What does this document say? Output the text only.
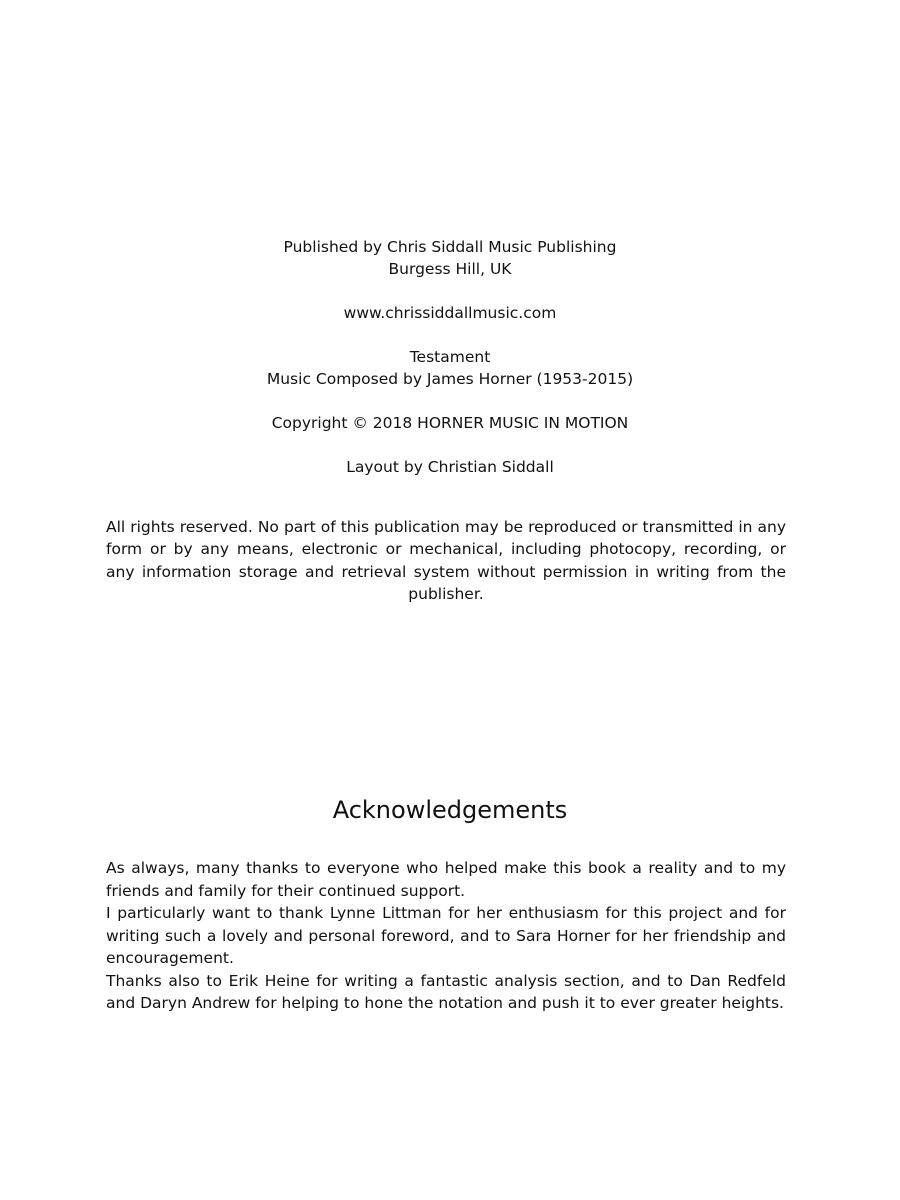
Published by Chris Siddall Music Publishing

Burgess Hill, UK

www.chrissiddallmusic.com

Testament

Music Composed by James Horner (1953-2015)

Copyright © 2018 HORNER MUSIC IN MOTION

Layout by Christian Siddall

All rights reserved. No part of this publication may be reproduced or transmitted in any form or by any means, electronic or mechanical, including photocopy, recording, or any information storage and retrieval system without permission in writing from the publisher.

Acknowledgements

As always, many thanks to everyone who helped make this book a reality and to my friends and family for their continued support.

I particularly want to thank Lynne Littman for her enthusiasm for this project and for writing such a lovely and personal foreword, and to Sara Horner for her friendship and encouragement.

Thanks also to Erik Heine for writing a fantastic analysis section, and to Dan Redfeld and Daryn Andrew for helping to hone the notation and push it to ever greater heights.
